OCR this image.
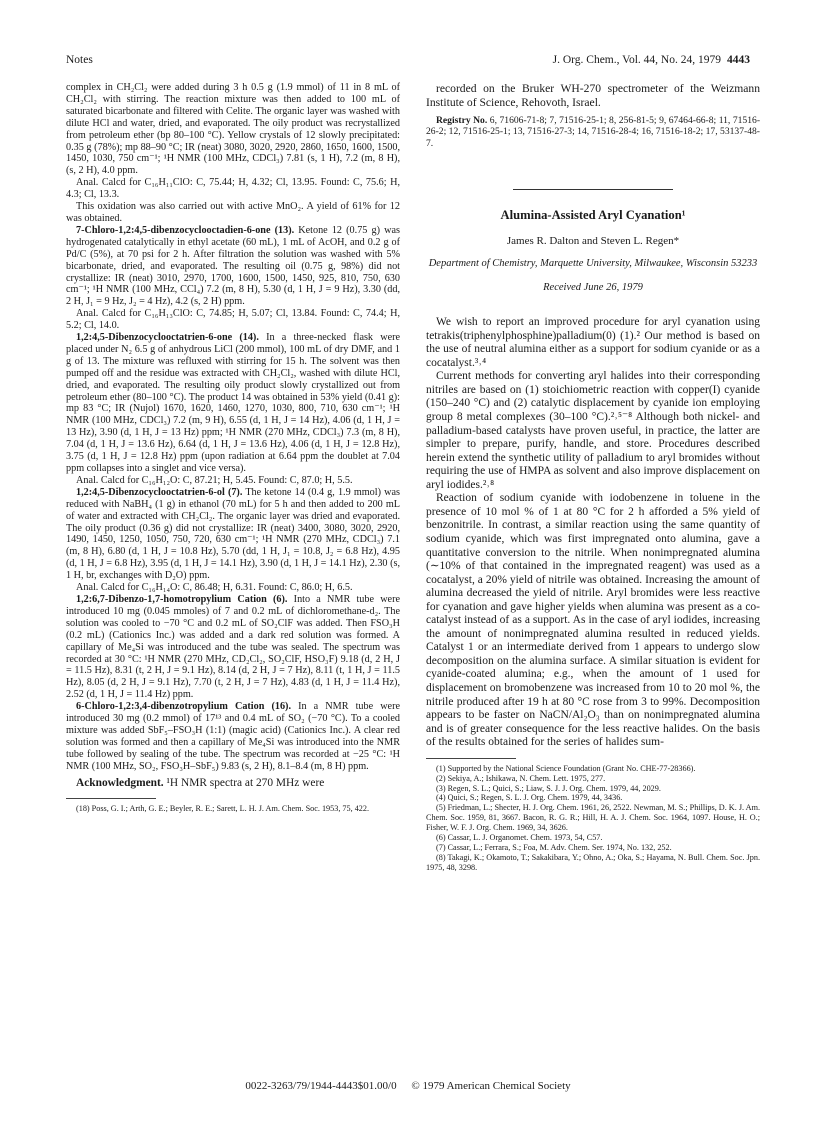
Notes	J. Org. Chem., Vol. 44, No. 24, 1979 4443

complex in CH₂Cl₂ were added during 3 h 0.5 g (1.9 mmol) of 11 in 8 mL of CH₂Cl₂ with stirring. The reaction mixture was then added to 100 mL of saturated bicarbonate and filtered with Celite. The organic layer was washed with dilute HCl and water, dried, and evaporated. The oily product was recrystallized from petroleum ether (bp 80–100 °C). Yellow crystals of 12 slowly precipitated: 0.35 g (78%); mp 88–90 °C; IR (neat) 3080, 3020, 2920, 2860, 1650, 1600, 1500, 1450, 1030, 750 cm⁻¹; ¹H NMR (100 MHz, CDCl₃) 7.81 (s, 1 H), 7.2 (m, 8 H), (s, 2 H), 4.0 ppm.

Anal. Calcd for C₁₆H₁₁ClO: C, 75.44; H, 4.32; Cl, 13.95. Found: C, 75.6; H, 4.3; Cl, 13.3.

This oxidation was also carried out with active MnO₂. A yield of 61% for 12 was obtained.

7-Chloro-1,2:4,5-dibenzocyclooctadien-6-one (13). Ketone 12 (0.75 g) was hydrogenated catalytically in ethyl acetate (60 mL), 1 mL of AcOH, and 0.2 g of Pd/C (5%), at 70 psi for 2 h. After filtration the solution was washed with 5% bicarbonate, dried, and evaporated. The resulting oil (0.75 g, 98%) did not crystallize: IR (neat) 3010, 2970, 1700, 1600, 1500, 1450, 925, 810, 750, 630 cm⁻¹; ¹H NMR (100 MHz, CCl₄) 7.2 (m, 8 H), 5.30 (d, 1 H, J = 9 Hz), 3.30 (dd, 2 H, J₁ = 9 Hz, J₂ = 4 Hz), 4.2 (s, 2 H) ppm.

Anal. Calcd for C₁₆H₁₃ClO: C, 74.85; H, 5.07; Cl, 13.84. Found: C, 74.4; H, 5.2; Cl, 14.0.

1,2:4,5-Dibenzocyclooctatrien-6-one (14). In a three-necked flask were placed under N₂ 6.5 g of anhydrous LiCl (200 mmol), 100 mL of dry DMF, and 1 g of 13. The mixture was refluxed with stirring for 15 h. The solvent was then pumped off and the residue was extracted with CH₂Cl₂, washed with dilute HCl, dried, and evaporated. The resulting oily product slowly crystallized out from petroleum ether (80–100 °C). The product 14 was obtained in 53% yield (0.41 g): mp 83 °C; IR (Nujol) 1670, 1620, 1460, 1270, 1030, 800, 710, 630 cm⁻¹; ¹H NMR (100 MHz, CDCl₃) 7.2 (m, 9 H), 6.55 (d, 1 H, J = 14 Hz), 4.06 (d, 1 H, J = 13 Hz), 3.90 (d, 1 H, J = 13 Hz) ppm; ¹H NMR (270 MHz, CDCl₃) 7.3 (m, 8 H), 7.04 (d, 1 H, J = 13.6 Hz), 6.64 (d, 1 H, J = 13.6 Hz), 4.06 (d, 1 H, J = 12.8 Hz), 3.75 (d, 1 H, J = 12.8 Hz) ppm (upon radiation at 6.64 ppm the doublet at 7.04 ppm collapses into a singlet and vice versa).

Anal. Calcd for C₁₆H₁₂O: C, 87.21; H, 5.45. Found: C, 87.0; H, 5.5.

1,2:4,5-Dibenzocyclooctatrien-6-ol (7). The ketone 14 (0.4 g, 1.9 mmol) was reduced with NaBH₄ (1 g) in ethanol (70 mL) for 5 h and then added to 200 mL of water and extracted with CH₂Cl₂. The organic layer was dried and evaporated. The oily product (0.36 g) did not crystallize: IR (neat) 3400, 3080, 3020, 2920, 1490, 1450, 1250, 1050, 750, 720, 630 cm⁻¹; ¹H NMR (270 MHz, CDCl₃) 7.1 (m, 8 H), 6.80 (d, 1 H, J = 10.8 Hz), 5.70 (dd, 1 H, J₁ = 10.8, J₂ = 6.8 Hz), 4.95 (d, 1 H, J = 6.8 Hz), 3.95 (d, 1 H, J = 14.1 Hz), 3.90 (d, 1 H, J = 14.1 Hz), 2.30 (s, 1 H, br, exchanges with D₂O) ppm.

Anal. Calcd for C₁₆H₁₄O: C, 86.48; H, 6.31. Found: C, 86.0; H, 6.5.

1,2:6,7-Dibenzo-1,7-homotropylium Cation (6). Into a NMR tube were introduced 10 mg (0.045 mmoles) of 7 and 0.2 mL of dichloromethane-d₂. The solution was cooled to −70 °C and 0.2 mL of SO₂ClF was added. Then FSO₃H (0.2 mL) (Cationics Inc.) was added and a dark red solution was formed. A capillary of Me₄Si was introduced and the tube was sealed. The spectrum was recorded at 30 °C: ¹H NMR (270 MHz, CD₂Cl₂, SO₂ClF, HSO₃F) 9.18 (d, 2 H, J = 11.5 Hz), 8.31 (t, 2 H, J = 9.1 Hz), 8.14 (d, 2 H, J = 7 Hz), 8.11 (t, 1 H, J = 11.5 Hz), 8.05 (d, 2 H, J = 9.1 Hz), 7.70 (t, 2 H, J = 7 Hz), 4.83 (d, 1 H, J = 11.4 Hz), 2.52 (d, 1 H, J = 11.4 Hz) ppm.

6-Chloro-1,2:3,4-dibenzotropylium Cation (16). In a NMR tube were introduced 30 mg (0.2 mmol) of 17¹³ and 0.4 mL of SO₂ (−70 °C). To a cooled mixture was added SbF₅–FSO₃H (1:1) (magic acid) (Cationics Inc.). A clear red solution was formed and then a capillary of Me₄Si was introduced into the NMR tube followed by sealing of the tube. The spectrum was recorded at −25 °C: ¹H NMR (100 MHz, SO₂, FSO₃H–SbF₅) 9.83 (s, 2 H), 8.1–8.4 (m, 8 H) ppm.

Acknowledgment. ¹H NMR spectra at 270 MHz were

(18) Poss, G. I.; Arth, G. E.; Beyler, R. E.; Sarett, L. H. J. Am. Chem. Soc. 1953, 75, 422.

recorded on the Bruker WH-270 spectrometer of the Weizmann Institute of Science, Rehovoth, Israel.

Registry No. 6, 71606-71-8; 7, 71516-25-1; 8, 256-81-5; 9, 67464-66-8; 11, 71516-26-2; 12, 71516-25-1; 13, 71516-27-3; 14, 71516-28-4; 16, 71516-18-2; 17, 53137-48-7.

Alumina-Assisted Aryl Cyanation¹

James R. Dalton and Steven L. Regen*

Department of Chemistry, Marquette University, Milwaukee, Wisconsin 53233

Received June 26, 1979

We wish to report an improved procedure for aryl cyanation using tetrakis(triphenylphosphine)palladium(0) (1).² Our method is based on the use of neutral alumina either as a support for sodium cyanide or as a cocatalyst.³˒⁴

Current methods for converting aryl halides into their corresponding nitriles are based on (1) stoichiometric reaction with copper(I) cyanide (150–240 °C) and (2) catalytic displacement by cyanide ion employing group 8 metal complexes (30–100 °C).²˒⁵⁻⁸ Although both nickel- and palladium-based catalysts have proven useful, in practice, the latter are simpler to prepare, purify, handle, and store. Procedures described herein extend the synthetic utility of palladium to aryl bromides without requiring the use of HMPA as solvent and also improve displacement on aryl iodides.²˒⁸

Reaction of sodium cyanide with iodobenzene in toluene in the presence of 10 mol % of 1 at 80 °C for 2 h afforded a 5% yield of benzonitrile. In contrast, a similar reaction using the same quantity of sodium cyanide, which was first impregnated onto alumina, gave a quantitative conversion to the nitrile. When nonimpregnated alumina (∼10% of that contained in the impregnated reagent) was used as a cocatalyst, a 20% yield of nitrile was obtained. Increasing the amount of alumina decreased the yield of nitrile. Aryl bromides were less reactive for cyanation and gave higher yields when alumina was present as a co-catalyst instead of as a support. As in the case of aryl iodides, increasing the amount of nonimpregnated alumina resulted in reduced yields. Catalyst 1 or an intermediate derived from 1 appears to undergo slow decomposition on the alumina surface. A similar situation is evident for cyanide-coated alumina; e.g., when the amount of 1 used for displacement on bromobenzene was increased from 10 to 20 mol %, the nitrile produced after 19 h at 80 °C rose from 3 to 99%. Decomposition appears to be faster on NaCN/Al₂O₃ than on nonimpregnated alumina and is of greater consequence for the less reactive halides. On the basis of the results obtained for the series of halides sum-

(1) Supported by the National Science Foundation (Grant No. CHE-77-28366).

(2) Sekiya, A.; Ishikawa, N. Chem. Lett. 1975, 277.

(3) Regen, S. L.; Quici, S.; Liaw, S. J. J. Org. Chem. 1979, 44, 2029.

(4) Quici, S.; Regen, S. L. J. Org. Chem. 1979, 44, 3436.

(5) Friedman, L.; Shecter, H. J. Org. Chem. 1961, 26, 2522. Newman, M. S.; Phillips, D. K. J. Am. Chem. Soc. 1959, 81, 3667. Bacon, R. G. R.; Hill, H. A. J. Chem. Soc. 1964, 1097. House, H. O.; Fisher, W. F. J. Org. Chem. 1969, 34, 3626.

(6) Cassar, L. J. Organomet. Chem. 1973, 54, C57.

(7) Cassar, L.; Ferrara, S.; Foa, M. Adv. Chem. Ser. 1974, No. 132, 252.

(8) Takagi, K.; Okamoto, T.; Sakakibara, Y.; Ohno, A.; Oka, S.; Hayama, N. Bull. Chem. Soc. Jpn. 1975, 48, 3298.

0022-3263/79/1944-4443$01.00/0 © 1979 American Chemical Society
